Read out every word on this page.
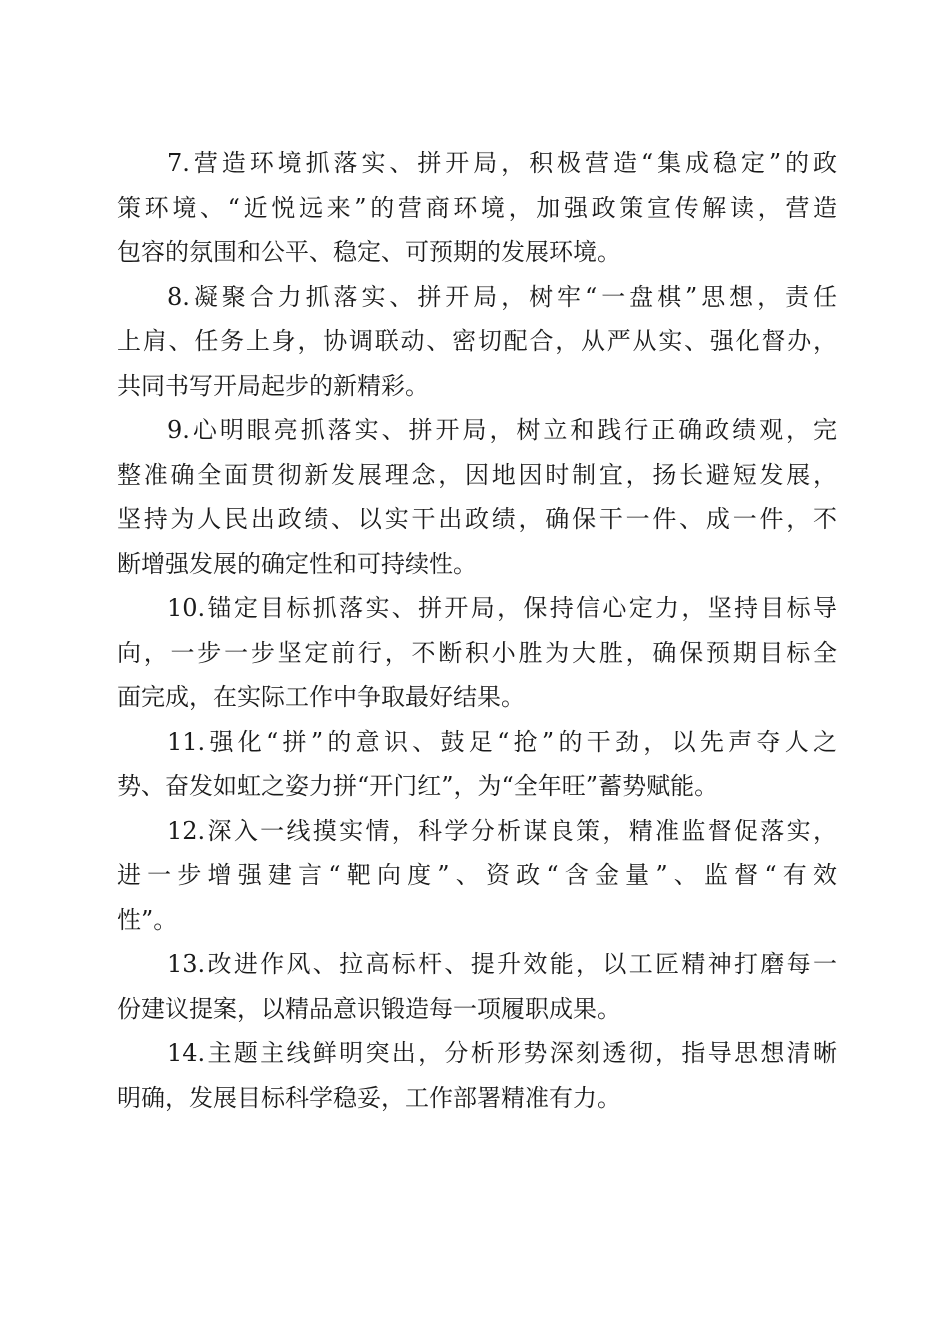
7.营造环境抓落实、拼开局，积极营造“集成稳定”的政
策环境、“近悦远来”的营商环境，加强政策宣传解读，营造
包容的氛围和公平、稳定、可预期的发展环境。
8.凝聚合力抓落实、拼开局，树牢“一盘棋”思想，责任
上肩、任务上身，协调联动、密切配合，从严从实、强化督办，
共同书写开局起步的新精彩。
9.心明眼亮抓落实、拼开局，树立和践行正确政绩观，完
整准确全面贯彻新发展理念，因地因时制宜，扬长避短发展，
坚持为人民出政绩、以实干出政绩，确保干一件、成一件，不
断增强发展的确定性和可持续性。
10.锚定目标抓落实、拼开局，保持信心定力，坚持目标导
向，一步一步坚定前行，不断积小胜为大胜，确保预期目标全
面完成，在实际工作中争取最好结果。
11.强化“拼”的意识、鼓足“抢”的干劲，以先声夺人之
势、奋发如虹之姿力拼“开门红”，为“全年旺”蓄势赋能。
12.深入一线摸实情，科学分析谋良策，精准监督促落实，
进一步增强建言“靶向度”、资政“含金量”、监督“有效
性”。
13.改进作风、拉高标杆、提升效能，以工匠精神打磨每一
份建议提案，以精品意识锻造每一项履职成果。
14.主题主线鲜明突出，分析形势深刻透彻，指导思想清晰
明确，发展目标科学稳妥，工作部署精准有力。
